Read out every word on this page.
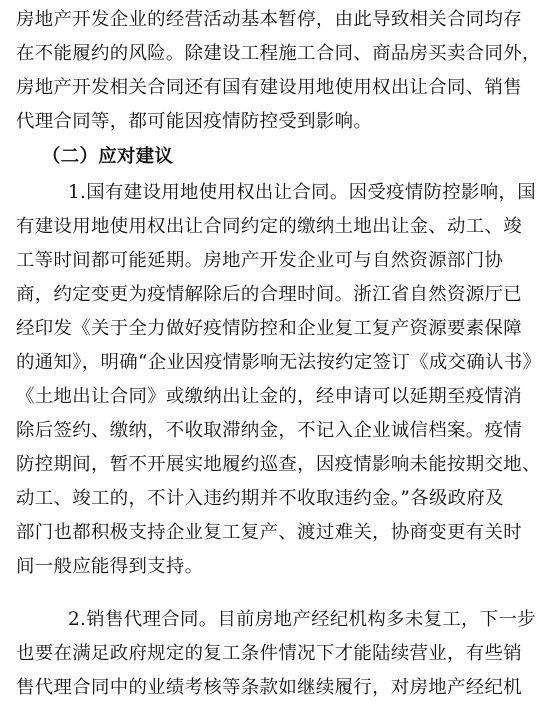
房地产开发企业的经营活动基本暂停，由此导致相关合同均存
在不能履约的风险。除建设工程施工合同、商品房买卖合同外，
房地产开发相关合同还有国有建设用地使用权出让合同、销售
代理合同等，都可能因疫情防控受到影响。
（二）应对建议
1.国有建设用地使用权出让合同。因受疫情防控影响，国
有建设用地使用权出让合同约定的缴纳土地出让金、动工、竣
工等时间都可能延期。房地产开发企业可与自然资源部门协
商，约定变更为疫情解除后的合理时间。浙江省自然资源厅已
经印发《关于全力做好疫情防控和企业复工复产资源要素保障
的通知》，明确“企业因疫情影响无法按约定签订《成交确认书》
《土地出让合同》或缴纳出让金的，经申请可以延期至疫情消
除后签约、缴纳，不收取滞纳金，不记入企业诚信档案。疫情
防控期间，暂不开展实地履约巡查，因疫情影响未能按期交地、
动工、竣工的，不计入违约期并不收取违约金。”各级政府及
部门也都积极支持企业复工复产、渡过难关，协商变更有关时
间一般应能得到支持。
2.销售代理合同。目前房地产经纪机构多未复工，下一步
也要在满足政府规定的复工条件情况下才能陆续营业，有些销
售代理合同中的业绩考核等条款如继续履行，对房地产经纪机
